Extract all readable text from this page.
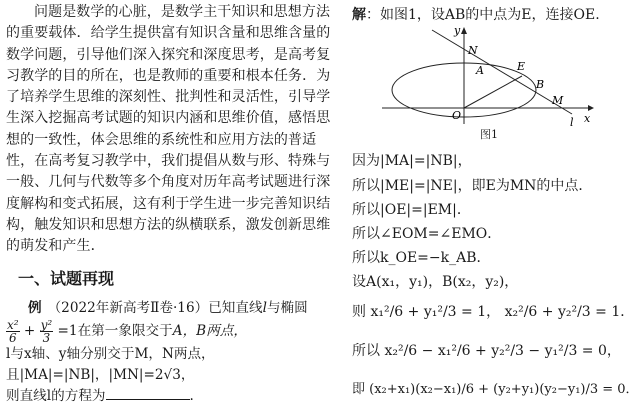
问题是数学的心脏，是数学主干知识和思想方法的重要载体．给学生提供富有知识含量和思维含量的数学问题，引导他们深入探究和深度思考，是高考复习教学的目的所在，也是教师的重要和根本任务．为了培养学生思维的深刻性、批判性和灵活性，引导学生深入挖掘高考试题的知识内涵和思维价值，感悟思想的一致性，体会思维的系统性和应用方法的普适性，在高考复习教学中，我们提倡从数与形、特殊与一般、几何与代数等多个角度对历年高考试题进行深度解构和变式拓展，这有利于学生进一步完善知识结构，触发知识和思想方法的纵横联系，激发创新思维的萌发和产生．

一、试题再现
例 （2022年新高考Ⅱ卷·16）已知直线l与椭圆

$\frac{\text{x²}}{6} + \frac{\text{y²}}{3} =1$在第一象限交于A，B两点，
l与x轴、y轴分别交于M，N两点，且|MA|=|NB|，|MN|=2√3，
则直线l的方程为	.
解：如图1，设AB的中点为E，连接OE.
y
N
A	E
B
M
O	x
l
图1
因为|MA|=|NB|，
所以|ME|=|NE|，即E为MN的中点．
所以|OE|=|EM|．
所以∠EOM=∠EMO．
所以k_OE=−k_AB．
设A(x₁，y₁)，B(x₂，y₂)，
则 x₁²/6 + y₁²/3 = 1， x₂²/6 + y₂²/3 = 1．
所以 x₂²/6 − x₁²/6 + y₂²/3 − y₁²/3 = 0，
即 (x₂+x₁)(x₂−x₁)/6 + (y₂+y₁)(y₂−y₁)/3 = 0．
